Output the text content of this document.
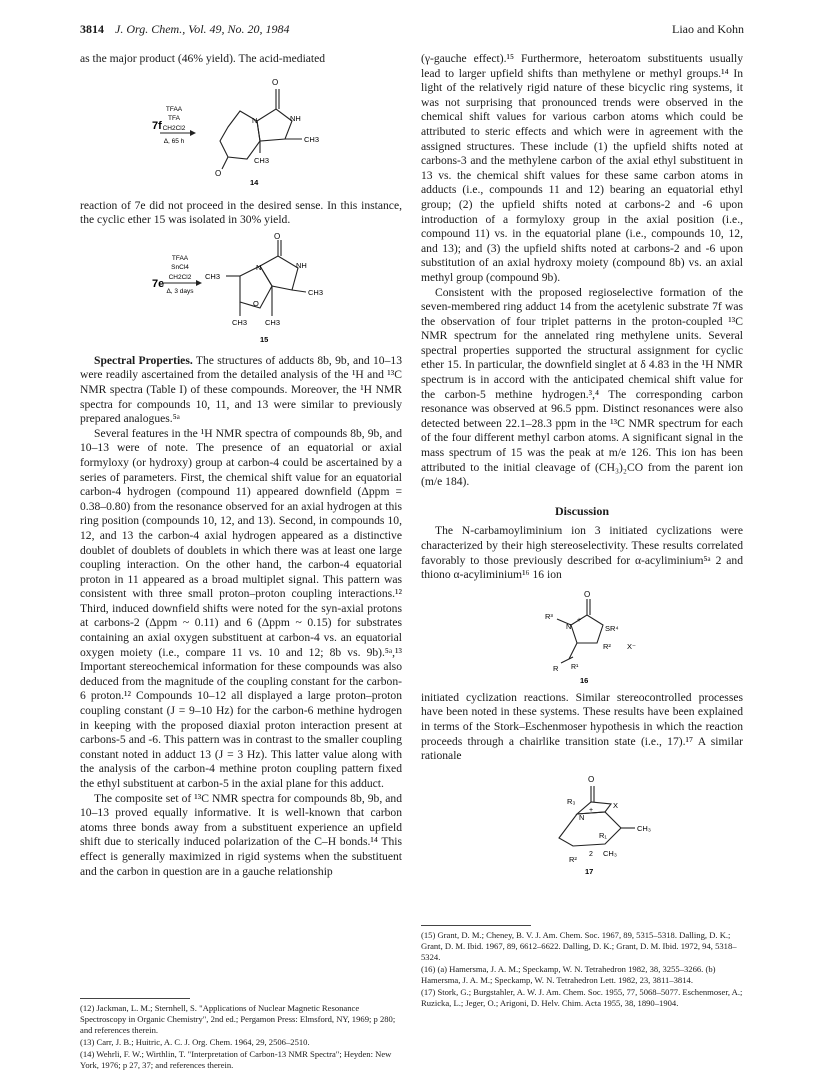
3814 J. Org. Chem., Vol. 49, No. 20, 1984	Liao and Kohn

as the major product (46% yield). The acid-mediated

7f
TFAA
TFA
CH2Cl2
Δ, 65 h
O
N	NH
CH3
CH3
O
14

reaction of 7e did not proceed in the desired sense. In this instance, the cyclic ether 15 was isolated in 30% yield.

7e
TFAA
SnCl4
CH2Cl2
Δ, 3 days
O
N	NH
CH3
O
CH3
CH3 CH3
15

Spectral Properties. The structures of adducts 8b, 9b, and 10–13 were readily ascertained from the detailed analysis of the ¹H and ¹³C NMR spectra (Table I) of these compounds. Moreover, the ¹H NMR spectra for compounds 10, 11, and 13 were similar to previously prepared analogues.⁵ᵃ

Several features in the ¹H NMR spectra of compounds 8b, 9b, and 10–13 were of note. The presence of an equatorial or axial formyloxy (or hydroxy) group at carbon-4 could be ascertained by a series of parameters. First, the chemical shift value for an equatorial carbon-4 hydrogen (compound 11) appeared downfield (Δppm = 0.38–0.80) from the resonance observed for an axial hydrogen at this ring position (compounds 10, 12, and 13). Second, in compounds 10, 12, and 13 the carbon-4 axial hydrogen appeared as a distinctive doublet of doublets of doublets in which there was at least one large coupling interaction. On the other hand, the carbon-4 equatorial proton in 11 appeared as a broad multiplet signal. This pattern was consistent with three small proton–proton coupling interactions.¹² Third, induced downfield shifts were noted for the syn-axial protons at carbons-2 (Δppm ~ 0.11) and 6 (Δppm ~ 0.15) for substrates containing an axial oxygen substituent at carbon-4 vs. an equatorial oxygen moiety (i.e., compare 11 vs. 10 and 12; 8b vs. 9b).⁵ᵃ,¹³ Important stereochemical information for these compounds was also deduced from the magnitude of the coupling constant for the carbon-6 proton.¹² Compounds 10–12 all displayed a large proton–proton coupling constant (J = 9–10 Hz) for the carbon-6 methine hydrogen in keeping with the proposed diaxial proton interaction present at carbons-5 and -6. This pattern was in contrast to the smaller coupling constant noted in adduct 13 (J = 3 Hz). This latter value along with the analysis of the carbon-4 methine proton coupling pattern fixed the ethyl substituent at carbon-5 in the axial plane for this adduct.

The composite set of ¹³C NMR spectra for compounds 8b, 9b, and 10–13 proved equally informative. It is well-known that carbon atoms three bonds away from a substituent experience an upfield shift due to sterically induced polarization of the C–H bonds.¹⁴ This effect is generally maximized in rigid systems when the substituent and the carbon in question are in a gauche relationship

(12) Jackman, L. M.; Sternhell, S. "Applications of Nuclear Magnetic Resonance Spectroscopy in Organic Chemistry", 2nd ed.; Pergamon Press: Elmsford, NY, 1969; p 280; and references therein.

(13) Carr, J. B.; Huitric, A. C. J. Org. Chem. 1964, 29, 2506–2510.

(14) Wehrli, F. W.; Wirthlin, T. "Interpretation of Carbon-13 NMR Spectra"; Heyden: New York, 1976; p 27, 37; and references therein.

(γ-gauche effect).¹⁵ Furthermore, heteroatom substituents usually lead to larger upfield shifts than methylene or methyl groups.¹⁴ In light of the relatively rigid nature of these bicyclic ring systems, it was not surprising that pronounced trends were observed in the chemical shift values for various carbon atoms which could be attributed to steric effects and which were in agreement with the assigned structures. These include (1) the upfield shifts noted at carbons-3 and the methylene carbon of the axial ethyl substituent in 13 vs. the chemical shift values for these same carbon atoms in adducts (i.e., compounds 11 and 12) bearing an equatorial ethyl group; (2) the upfield shifts noted at carbons-2 and -6 upon introduction of a formyloxy group in the axial position (i.e., compound 11) vs. in the equatorial plane (i.e., compounds 10, 12, and 13); and (3) the upfield shifts noted at carbons-2 and -6 upon substitution of an axial hydroxy moiety (compound 8b) vs. an axial methyl group (compound 9b).

Consistent with the proposed regioselective formation of the seven-membered ring adduct 14 from the acetylenic substrate 7f was the observation of four triplet patterns in the proton-coupled ¹³C NMR spectrum for the annelated ring methylene units. Several spectral properties supported the structural assignment for cyclic ether 15. In particular, the downfield singlet at δ 4.83 in the ¹H NMR spectrum is in accord with the anticipated chemical shift value for the carbon-5 methine hydrogen.³,⁴ The corresponding carbon resonance was observed at 96.5 ppm. Distinct resonances were also detected between 22.1–28.3 ppm in the ¹³C NMR spectrum for each of the four different methyl carbon atoms. A significant signal in the mass spectrum of 15 was the peak at m/e 126. This ion has been attributed to the initial cleavage of (CH₃)₂CO from the parent ion (m/e 184).

Discussion

The N-carbamoyliminium ion 3 initiated cyclizations were characterized by their high stereoselectivity. These results correlated favorably to those previously described for α-acyliminium⁵ᵃ 2 and thiono α-acyliminium¹⁶ 16 ion

O
R³
N
+
SR⁴
R² X⁻
R¹
R
16

initiated cyclization reactions. Similar stereocontrolled processes have been noted in these systems. These results have been explained in terms of the Stork–Eschenmoser hypothesis in which the reaction proceeds through a chairlike transition state (i.e., 17).¹⁷ A similar rationale

O
R₃
N
+
X
CH₃
R₁
2 CH₃
R²
17

(15) Grant, D. M.; Cheney, B. V. J. Am. Chem. Soc. 1967, 89, 5315–5318. Dalling, D. K.; Grant, D. M. Ibid. 1967, 89, 6612–6622. Dalling, D. K.; Grant, D. M. Ibid. 1972, 94, 5318–5324.

(16) (a) Hamersma, J. A. M.; Speckamp, W. N. Tetrahedron 1982, 38, 3255–3266. (b) Hamersma, J. A. M.; Speckamp, W. N. Tetrahedron Lett. 1982, 23, 3811–3814.

(17) Stork, G.; Burgstahler, A. W. J. Am. Chem. Soc. 1955, 77, 5068–5077. Eschenmoser, A.; Ruzicka, L.; Jeger, O.; Arigoni, D. Helv. Chim. Acta 1955, 38, 1890–1904.
